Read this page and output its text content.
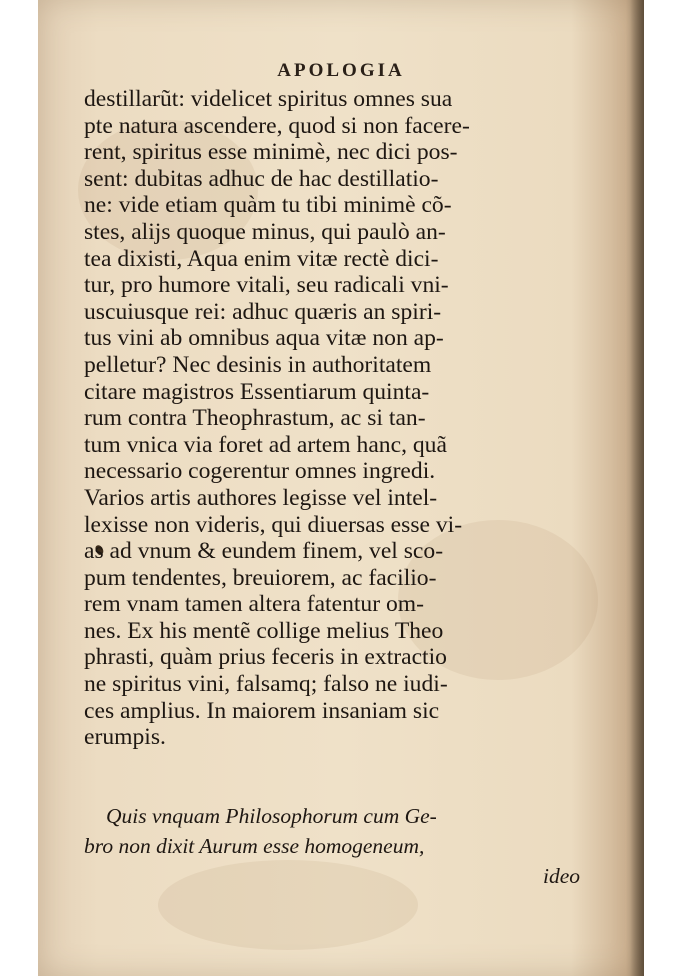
APOLOGIA
destillarũt: videlicet spiritus omnes sua
pte natura ascendere, quod si non facere-
rent, spiritus esse minimè, nec dici pos-
sent: dubitas adhuc de hac destillatio-
ne: vide etiam quàm tu tibi minimè cõ-
stes, alijs quoque minus, qui paulò an-
tea dixisti, Aqua enim vitæ rectè dici-
tur, pro humore vitali, seu radicali vni-
uscuiusque rei: adhuc quæris an spiri-
tus vini ab omnibus aqua vitæ non ap-
pelletur? Nec desinis in authoritatem
citare magistros Essentiarum quinta-
rum contra Theophrastum, ac si tan-
tum vnica via foret ad artem hanc, quã
necessario cogerentur omnes ingredi.
Varios artis authores legisse vel intel-
lexisse non videris, qui diuersas esse vi-
as ad vnum & eundem finem, vel sco-
pum tendentes, breuiorem, ac facilio-
rem vnam tamen altera fatentur om-
nes. Ex his mentẽ collige melius Theo
phrasti, quàm prius feceris in extractio
ne spiritus vini, falsamq; falso ne iudi-
ces amplius. In maiorem insaniam sic
erumpis.
Quis vnquam Philosophorum cum Ge-
bro non dixit Aurum esse homogeneum,
ideo
